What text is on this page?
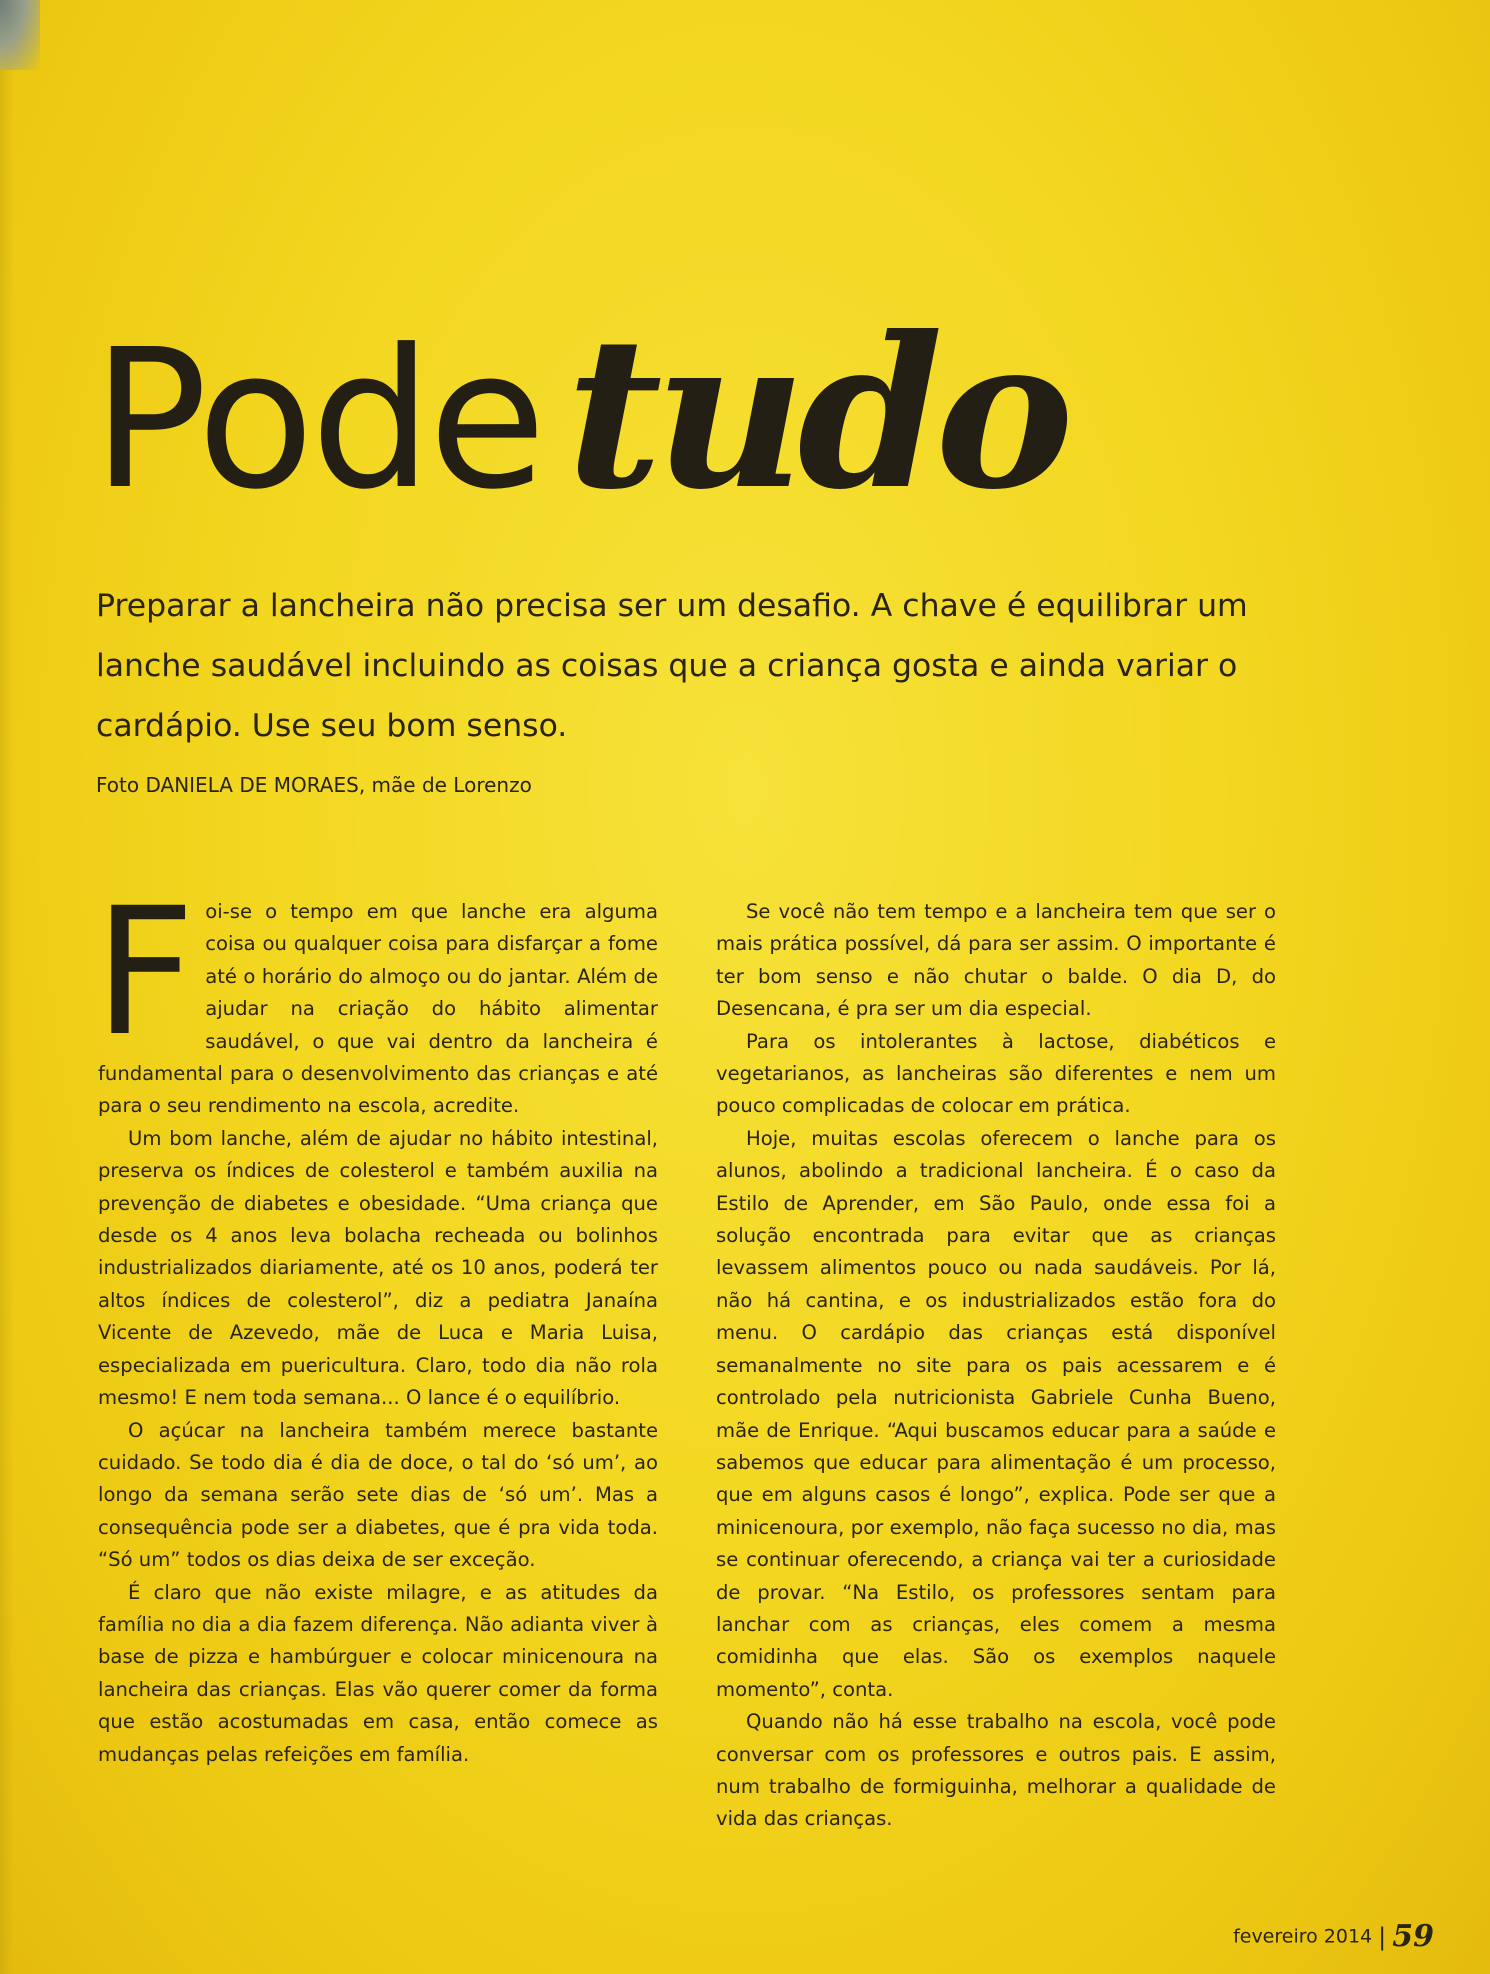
Pode tudo
Preparar a lancheira não precisa ser um desafio. A chave é equilibrar um lanche saudável incluindo as coisas que a criança gosta e ainda variar o cardápio. Use seu bom senso.
Foto DANIELA DE MORAES, mãe de Lorenzo

Foi-se o tempo em que lanche era alguma coisa ou qualquer coisa para disfarçar a fome até o horário do almoço ou do jantar. Além de ajudar na criação do hábito alimentar saudável, o que vai dentro da lancheira é fundamental para o desenvolvimento das crianças e até para o seu rendimento na escola, acredite.

Um bom lanche, além de ajudar no hábito intestinal, preserva os índices de colesterol e também auxilia na prevenção de diabetes e obesidade. “Uma criança que desde os 4 anos leva bolacha recheada ou bolinhos industrializados diariamente, até os 10 anos, poderá ter altos índices de colesterol”, diz a pediatra Janaína Vicente de Azevedo, mãe de Luca e Maria Luisa, especializada em puericultura. Claro, todo dia não rola mesmo! E nem toda semana... O lance é o equilíbrio.

O açúcar na lancheira também merece bastante cuidado. Se todo dia é dia de doce, o tal do ‘só um’, ao longo da semana serão sete dias de ‘só um’. Mas a consequência pode ser a diabetes, que é pra vida toda. “Só um” todos os dias deixa de ser exceção.

É claro que não existe milagre, e as atitudes da família no dia a dia fazem diferença. Não adianta viver à base de pizza e hambúrguer e colocar minicenoura na lancheira das crianças. Elas vão querer comer da forma que estão acostumadas em casa, então comece as mudanças pelas refeições em família.

Se você não tem tempo e a lancheira tem que ser o mais prática possível, dá para ser assim. O importante é ter bom senso e não chutar o balde. O dia D, do Desencana, é pra ser um dia especial.

Para os intolerantes à lactose, diabéticos e vegetarianos, as lancheiras são diferentes e nem um pouco complicadas de colocar em prática.

Hoje, muitas escolas oferecem o lanche para os alunos, abolindo a tradicional lancheira. É o caso da Estilo de Aprender, em São Paulo, onde essa foi a solução encontrada para evitar que as crianças levassem alimentos pouco ou nada saudáveis. Por lá, não há cantina, e os industrializados estão fora do menu. O cardápio das crianças está disponível semanalmente no site para os pais acessarem e é controlado pela nutricionista Gabriele Cunha Bueno, mãe de Enrique. “Aqui buscamos educar para a saúde e sabemos que educar para alimentação é um processo, que em alguns casos é longo”, explica. Pode ser que a minicenoura, por exemplo, não faça sucesso no dia, mas se continuar oferecendo, a criança vai ter a curiosidade de provar. “Na Estilo, os professores sentam para lanchar com as crianças, eles comem a mesma comidinha que elas. São os exemplos naquele momento”, conta.

Quando não há esse trabalho na escola, você pode conversar com os professores e outros pais. E assim, num trabalho de formiguinha, melhorar a qualidade de vida das crianças.

fevereiro 2014 | 59
